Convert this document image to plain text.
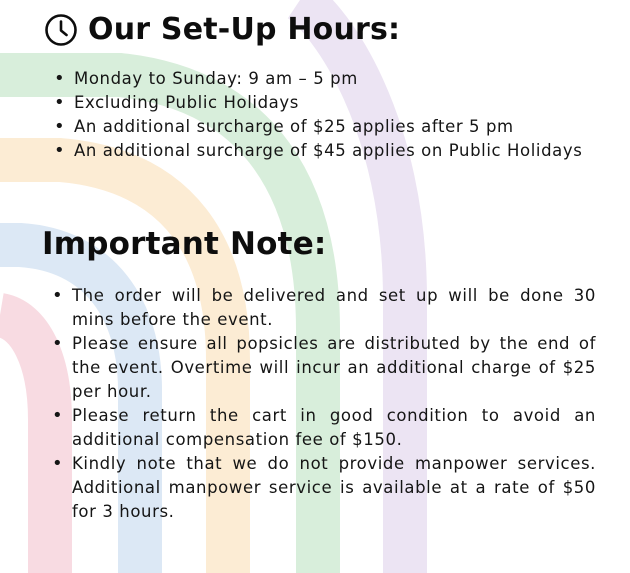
Our Set-Up Hours:
• Monday to Sunday: 9 am – 5 pm
• Excluding Public Holidays
• An additional surcharge of $25 applies after 5 pm
• An additional surcharge of $45 applies on Public Holidays
Important Note:
• The order will be delivered and set up will be done 30 mins before the event.
• Please ensure all popsicles are distributed by the end of the event. Overtime will incur an additional charge of $25 per hour.
• Please return the cart in good condition to avoid an additional compensation fee of $150.
• Kindly note that we do not provide manpower services. Additional manpower service is available at a rate of $50 for 3 hours.
